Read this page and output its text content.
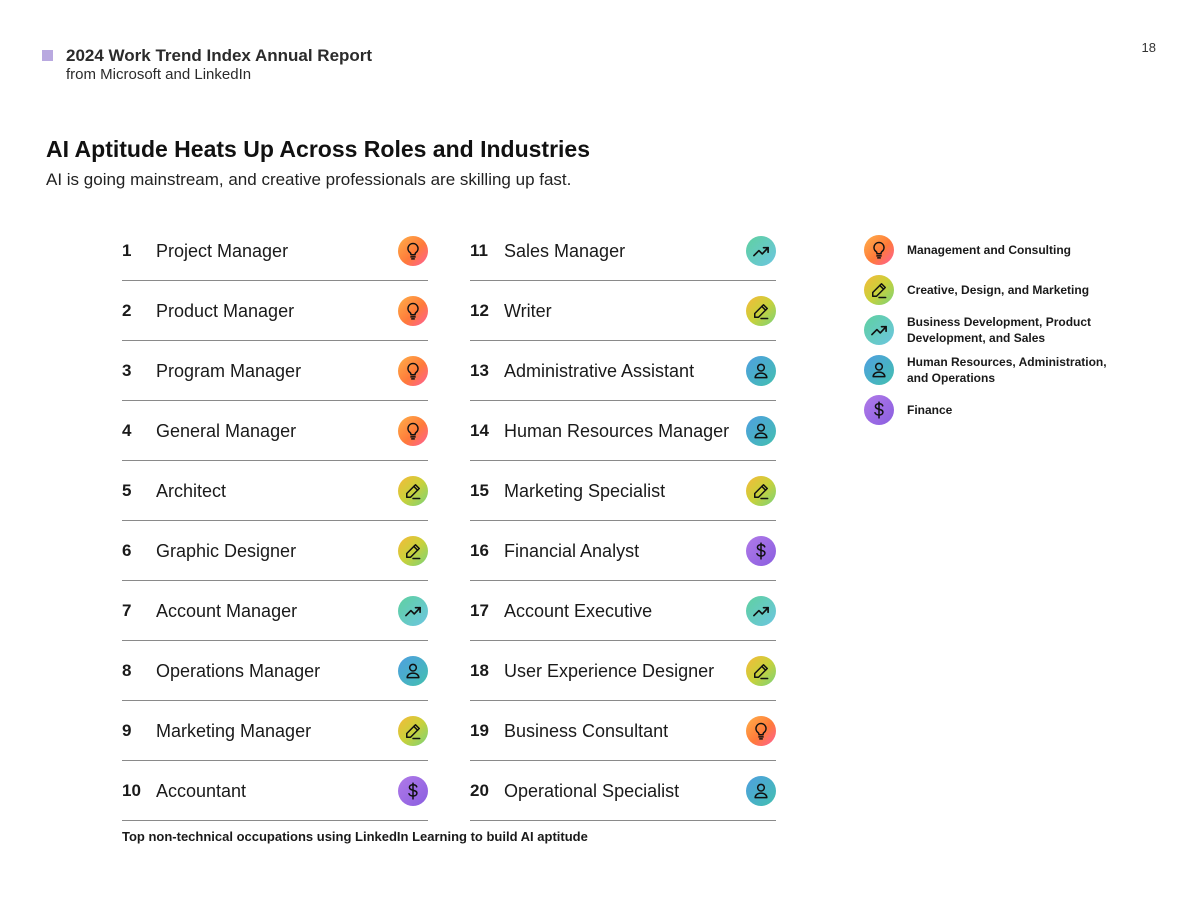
2024 Work Trend Index Annual Report
from Microsoft and LinkedIn
18
AI Aptitude Heats Up Across Roles and Industries
AI is going mainstream, and creative professionals are skilling up fast.
1	Project Manager
2	Product Manager
3	Program Manager
4	General Manager
5	Architect
6	Graphic Designer
7	Account Manager
8	Operations Manager
9	Marketing Manager
10 Accountant
11 Sales Manager
12 Writer
13 Administrative Assistant
14 Human Resources Manager
15 Marketing Specialist
16 Financial Analyst
17 Account Executive
18 User Experience Designer
19 Business Consultant
20 Operational Specialist
Management and Consulting
Creative, Design, and Marketing
Business Development, Product Development, and Sales
Human Resources, Administration, and Operations
Finance
Top non-technical occupations using LinkedIn Learning to build AI aptitude
